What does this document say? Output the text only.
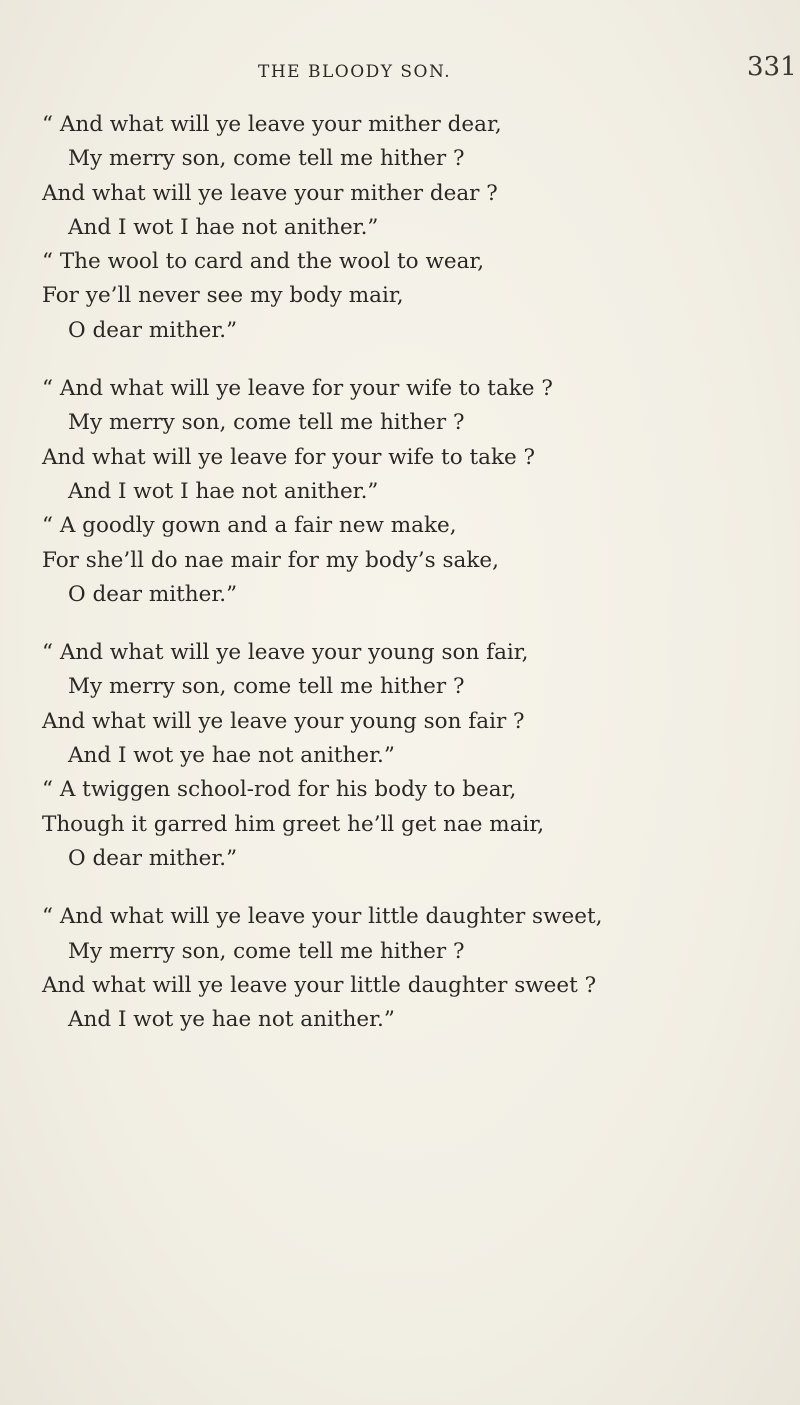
THE BLOODY SON.	331
“ And what will ye leave your mither dear,
My merry son, come tell me hither ?
And what will ye leave your mither dear ?
And I wot I hae not anither.”
“ The wool to card and the wool to wear,
For ye’ll never see my body mair,
O dear mither.”
“ And what will ye leave for your wife to take ?
My merry son, come tell me hither ?
And what will ye leave for your wife to take ?
And I wot I hae not anither.”
“ A goodly gown and a fair new make,
For she’ll do nae mair for my body’s sake,
O dear mither.”
“ And what will ye leave your young son fair,
My merry son, come tell me hither ?
And what will ye leave your young son fair ?
And I wot ye hae not anither.”
“ A twiggen school-rod for his body to bear,
Though it garred him greet he’ll get nae mair,
O dear mither.”
“ And what will ye leave your little daughter sweet,
My merry son, come tell me hither ?
And what will ye leave your little daughter sweet ?
And I wot ye hae not anither.”
